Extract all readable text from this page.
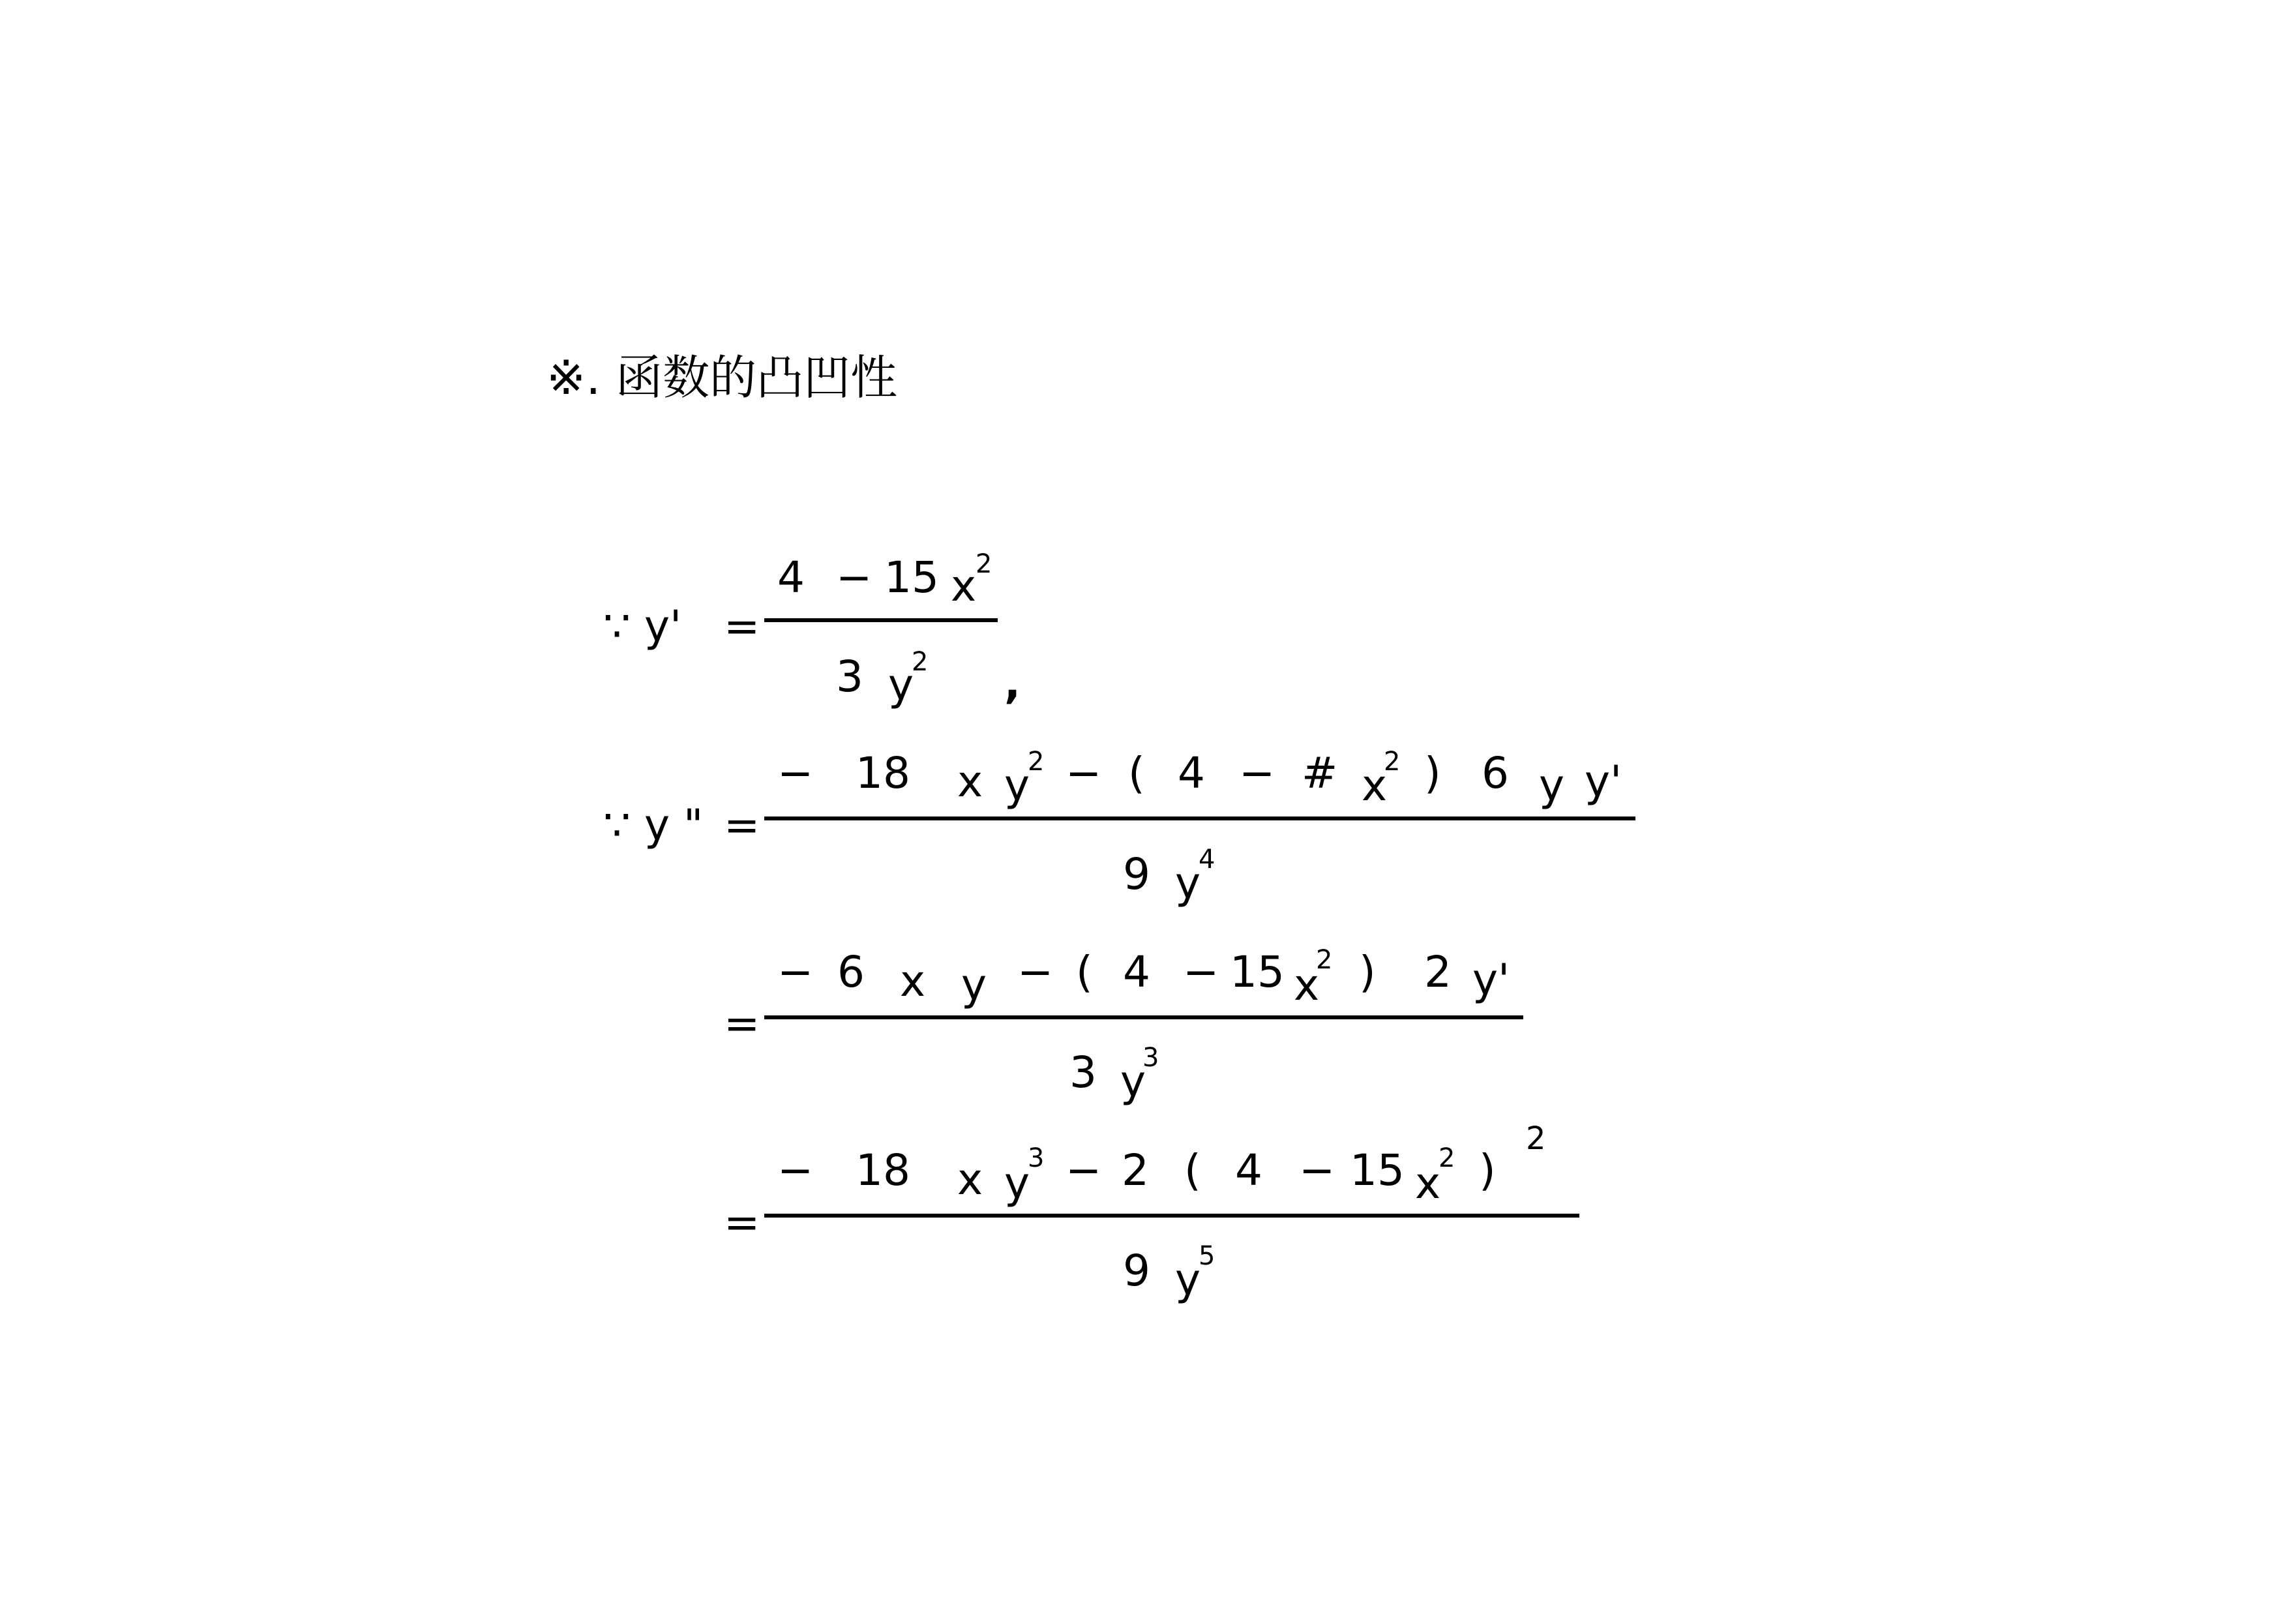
※. 函数的凸凹性
∵ y' =
4 − 15 x
2
3 y
2 ,
∵ y " =
− 18 x y
2 − ( 4 − # x
2 ) 6 y y'
9 y
4
=
− 6 x y − ( 4 − 15 x
2 ) 2 y'
3 y
3
=
− 18 x y
3 − 2 ( 4 − 15 x
2 )
2
9 y
5
